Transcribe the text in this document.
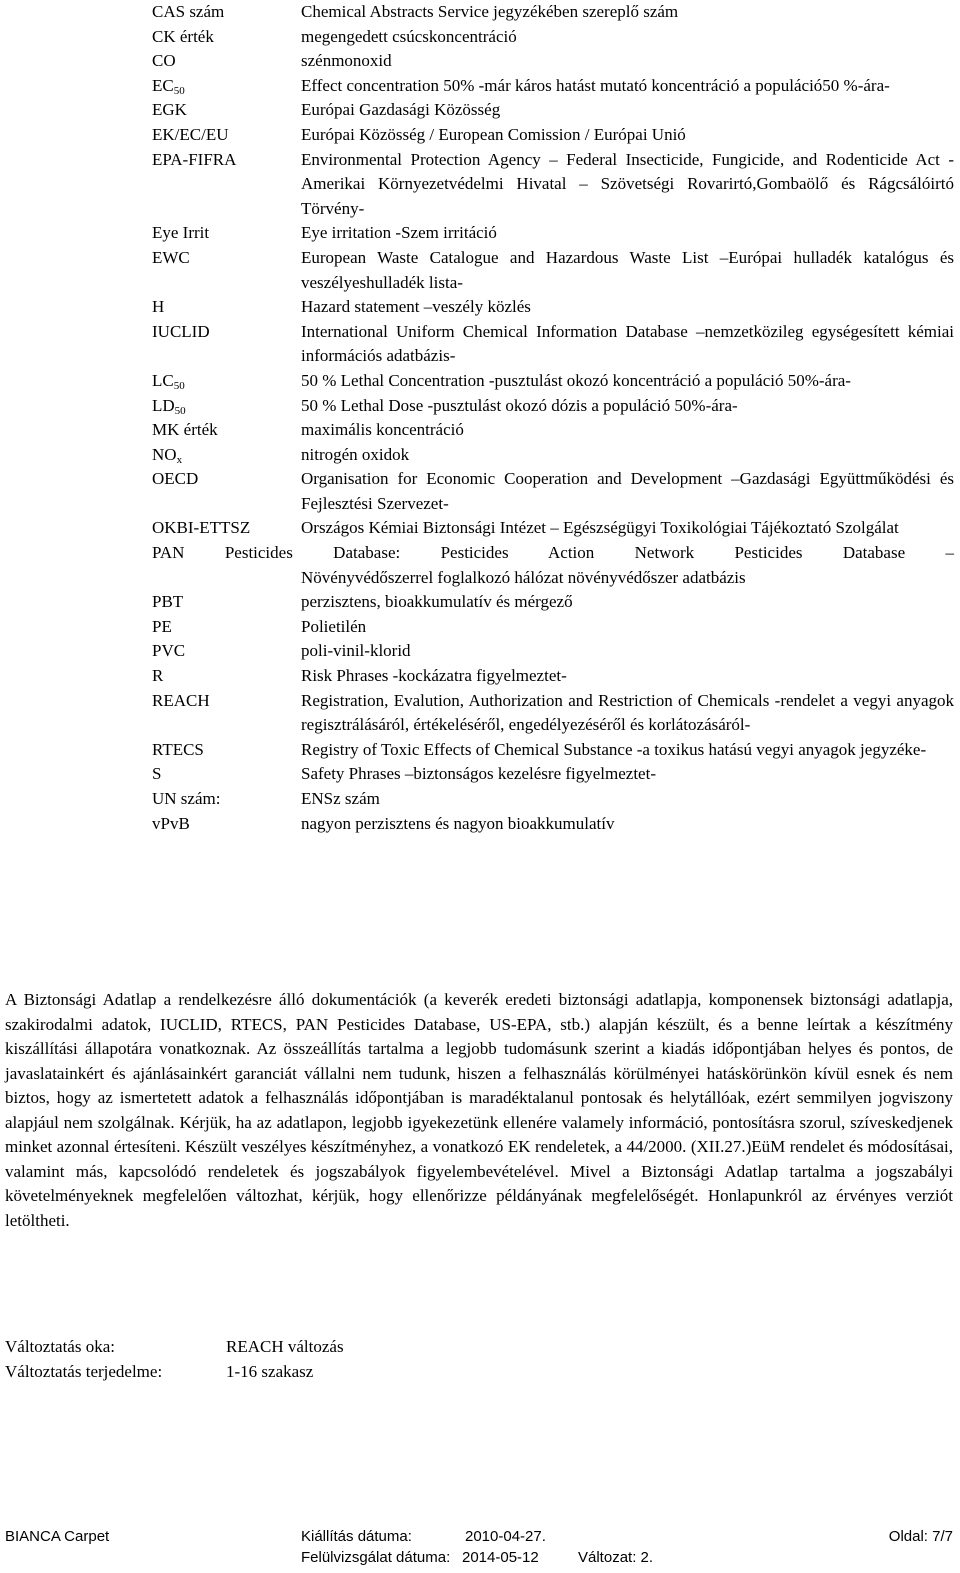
CAS szám	Chemical Abstracts Service jegyzékében szereplő szám
CK érték	megengedett csúcskoncentráció
CO	szénmonoxid
$EC_{50}$	Effect concentration 50% -már káros hatást mutató koncentráció a populáció50 %-ára-
EGK	Európai Gazdasági Közösség
EK/EC/EU	Európai Közösség / European Comission / Európai Unió
EPA-FIFRA	Environmental Protection Agency – Federal Insecticide, Fungicide, and Rodenticide Act - Amerikai Környezetvédelmi Hivatal – Szövetségi Rovarirtó,Gombaölő és Rágcsálóirtó Törvény-
Eye Irrit	Eye irritation -Szem irritáció
EWC	European Waste Catalogue and Hazardous Waste List –Európai hulladék katalógus és veszélyeshulladék lista-
H	Hazard statement –veszély közlés
IUCLID	International Uniform Chemical Information Database –nemzetközileg egységesített kémiai információs adatbázis-
$LC_{50}$	50 % Lethal Concentration -pusztulást okozó koncentráció a populáció 50%-ára-
$LD_{50}$	50 % Lethal Dose -pusztulást okozó dózis a populáció 50%-ára-
MK érték	maximális koncentráció
$NO_x$	nitrogén oxidok
OECD	Organisation for Economic Cooperation and Development –Gazdasági Együttműködési és Fejlesztési Szervezet-
OKBI-ETTSZ	Országos Kémiai Biztonsági Intézet – Egészségügyi Toxikológiai Tájékoztató Szolgálat
PAN Pesticides Database: Pesticides Action Network Pesticides Database –
Növényvédőszerrel foglalkozó hálózat növényvédőszer adatbázis
PBT	perzisztens, bioakkumulatív és mérgező
PE	Polietilén
PVC	poli-vinil-klorid
R	Risk Phrases -kockázatra figyelmeztet-
REACH	Registration, Evalution, Authorization and Restriction of Chemicals -rendelet a vegyi anyagok regisztrálásáról, értékeléséről, engedélyezéséről és korlátozásáról-
RTECS	Registry of Toxic Effects of Chemical Substance -a toxikus hatású vegyi anyagok jegyzéke-
S	Safety Phrases –biztonságos kezelésre figyelmeztet-
UN szám:	ENSz szám
vPvB	nagyon perzisztens és nagyon bioakkumulatív
A Biztonsági Adatlap a rendelkezésre álló dokumentációk (a keverék eredeti biztonsági adatlapja, komponensek biztonsági adatlapja, szakirodalmi adatok, IUCLID, RTECS, PAN Pesticides Database, US-EPA, stb.) alapján készült, és a benne leírtak a készítmény kiszállítási állapotára vonatkoznak. Az összeállítás tartalma a legjobb tudomásunk szerint a kiadás időpontjában helyes és pontos, de javaslatainkért és ajánlásainkért garanciát vállalni nem tudunk, hiszen a felhasználás körülményei hatáskörünkön kívül esnek és nem biztos, hogy az ismertetett adatok a felhasználás időpontjában is maradéktalanul pontosak és helytállóak, ezért semmilyen jogviszony alapjául nem szolgálnak. Kérjük, ha az adatlapon, legjobb igyekezetünk ellenére valamely információ, pontosításra szorul, szíveskedjenek minket azonnal értesíteni. Készült veszélyes készítményhez, a vonatkozó EK rendeletek, a 44/2000. (XII.27.)EüM rendelet és módosításai, valamint más, kapcsolódó rendeletek és jogszabályok figyelembevételével. Mivel a Biztonsági Adatlap tartalma a jogszabályi követelményeknek megfelelően változhat, kérjük, hogy ellenőrizze példányának megfelelőségét. Honlapunkról az érvényes verziót letöltheti.
Változtatás oka:	REACH változás
Változtatás terjedelme:	1-16 szakasz
BIANCA Carpet	Kiállítás dátuma:	2010-04-27.	Oldal: 7/7
Felülvizsgálat dátuma: 2014-05-12	Változat: 2.
